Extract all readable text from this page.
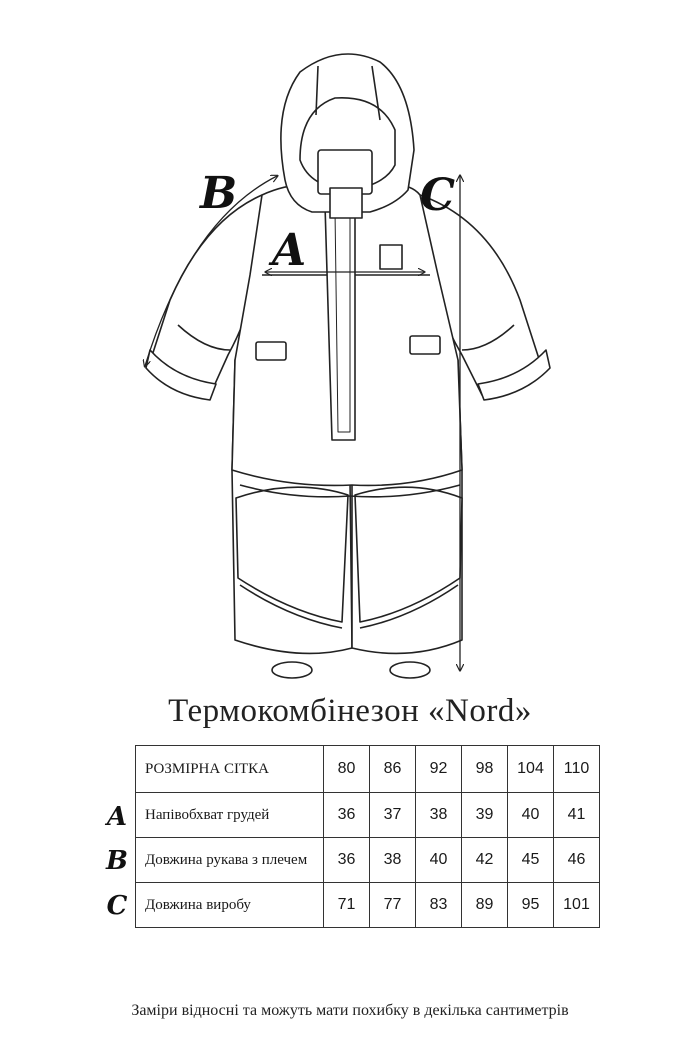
B
A
C
Термокомбінезон «Nord»
РОЗМІРНА СІТКА	80	86	92	98	104	110
Напівобхват грудей	36	37	38	39	40	41
Довжина рукава з плечем	36	38	40	42	45	46
Довжина виробу	71	77	83	89	95	101
A
B
C
Заміри відносні та можуть мати похибку в декілька сантиметрів
